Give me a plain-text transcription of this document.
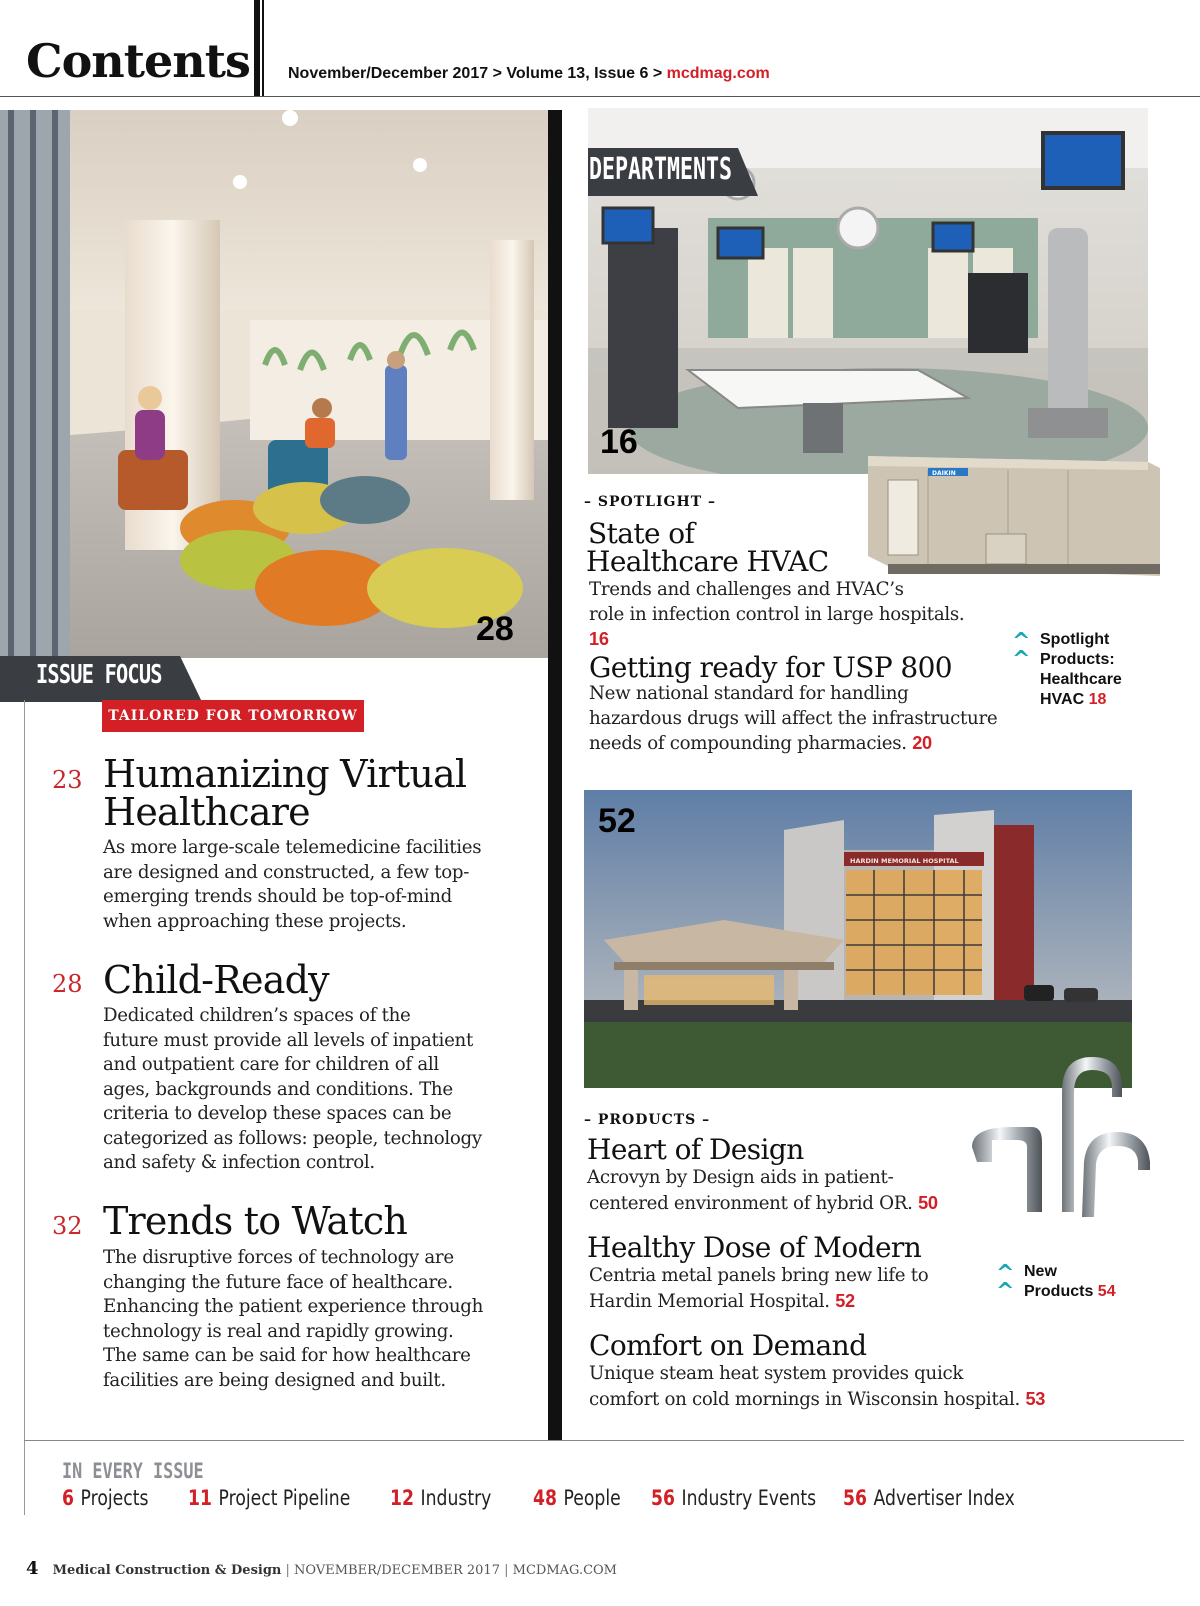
Contents November/December 2017 > Volume 13, Issue 6 > mcdmag.com
28
ISSUE FOCUS
TAILORED FOR TOMORROW
23 Humanizing Virtual
Healthcare
As more large-scale telemedicine facilities
are designed and constructed, a few top-
emerging trends should be top-of-mind
when approaching these projects.
28 Child-Ready
Dedicated children’s spaces of the
future must provide all levels of inpatient
and outpatient care for children of all
ages, backgrounds and conditions. The
criteria to develop these spaces can be
categorized as follows: people, technology
and safety & infection control.
32 Trends to Watch
The disruptive forces of technology are
changing the future face of healthcare.
Enhancing the patient experience through
technology is real and rapidly growing.
The same can be said for how healthcare
facilities are being designed and built.
16
DEPARTMENTS
DAIKIN
– SPOTLIGHT –
State of
Healthcare HVAC
Trends and challenges and HVAC’s
role in infection control in large hospitals. 16
Getting ready for USP 800
New national standard for handling
hazardous drugs will affect the infrastructure
needs of compounding pharmacies. 20
^
^
Spotlight
Products:
Healthcare
HVAC 18
HARDIN MEMORIAL HOSPITAL
52
– PRODUCTS –
Heart of Design
Acrovyn by Design aids in patient-
centered environment of hybrid OR. 50
Healthy Dose of Modern
Centria metal panels bring new life to
Hardin Memorial Hospital. 52
Comfort on Demand
Unique steam heat system provides quick
comfort on cold mornings in Wisconsin hospital. 53
^
^
New
Products 54
IN EVERY ISSUE
6 Projects 11 Project Pipeline 12 Industry 48 People 56 Industry Events 56 Advertiser Index
4 Medical Construction & Design | NOVEMBER/DECEMBER 2017 | MCDMAG.COM
